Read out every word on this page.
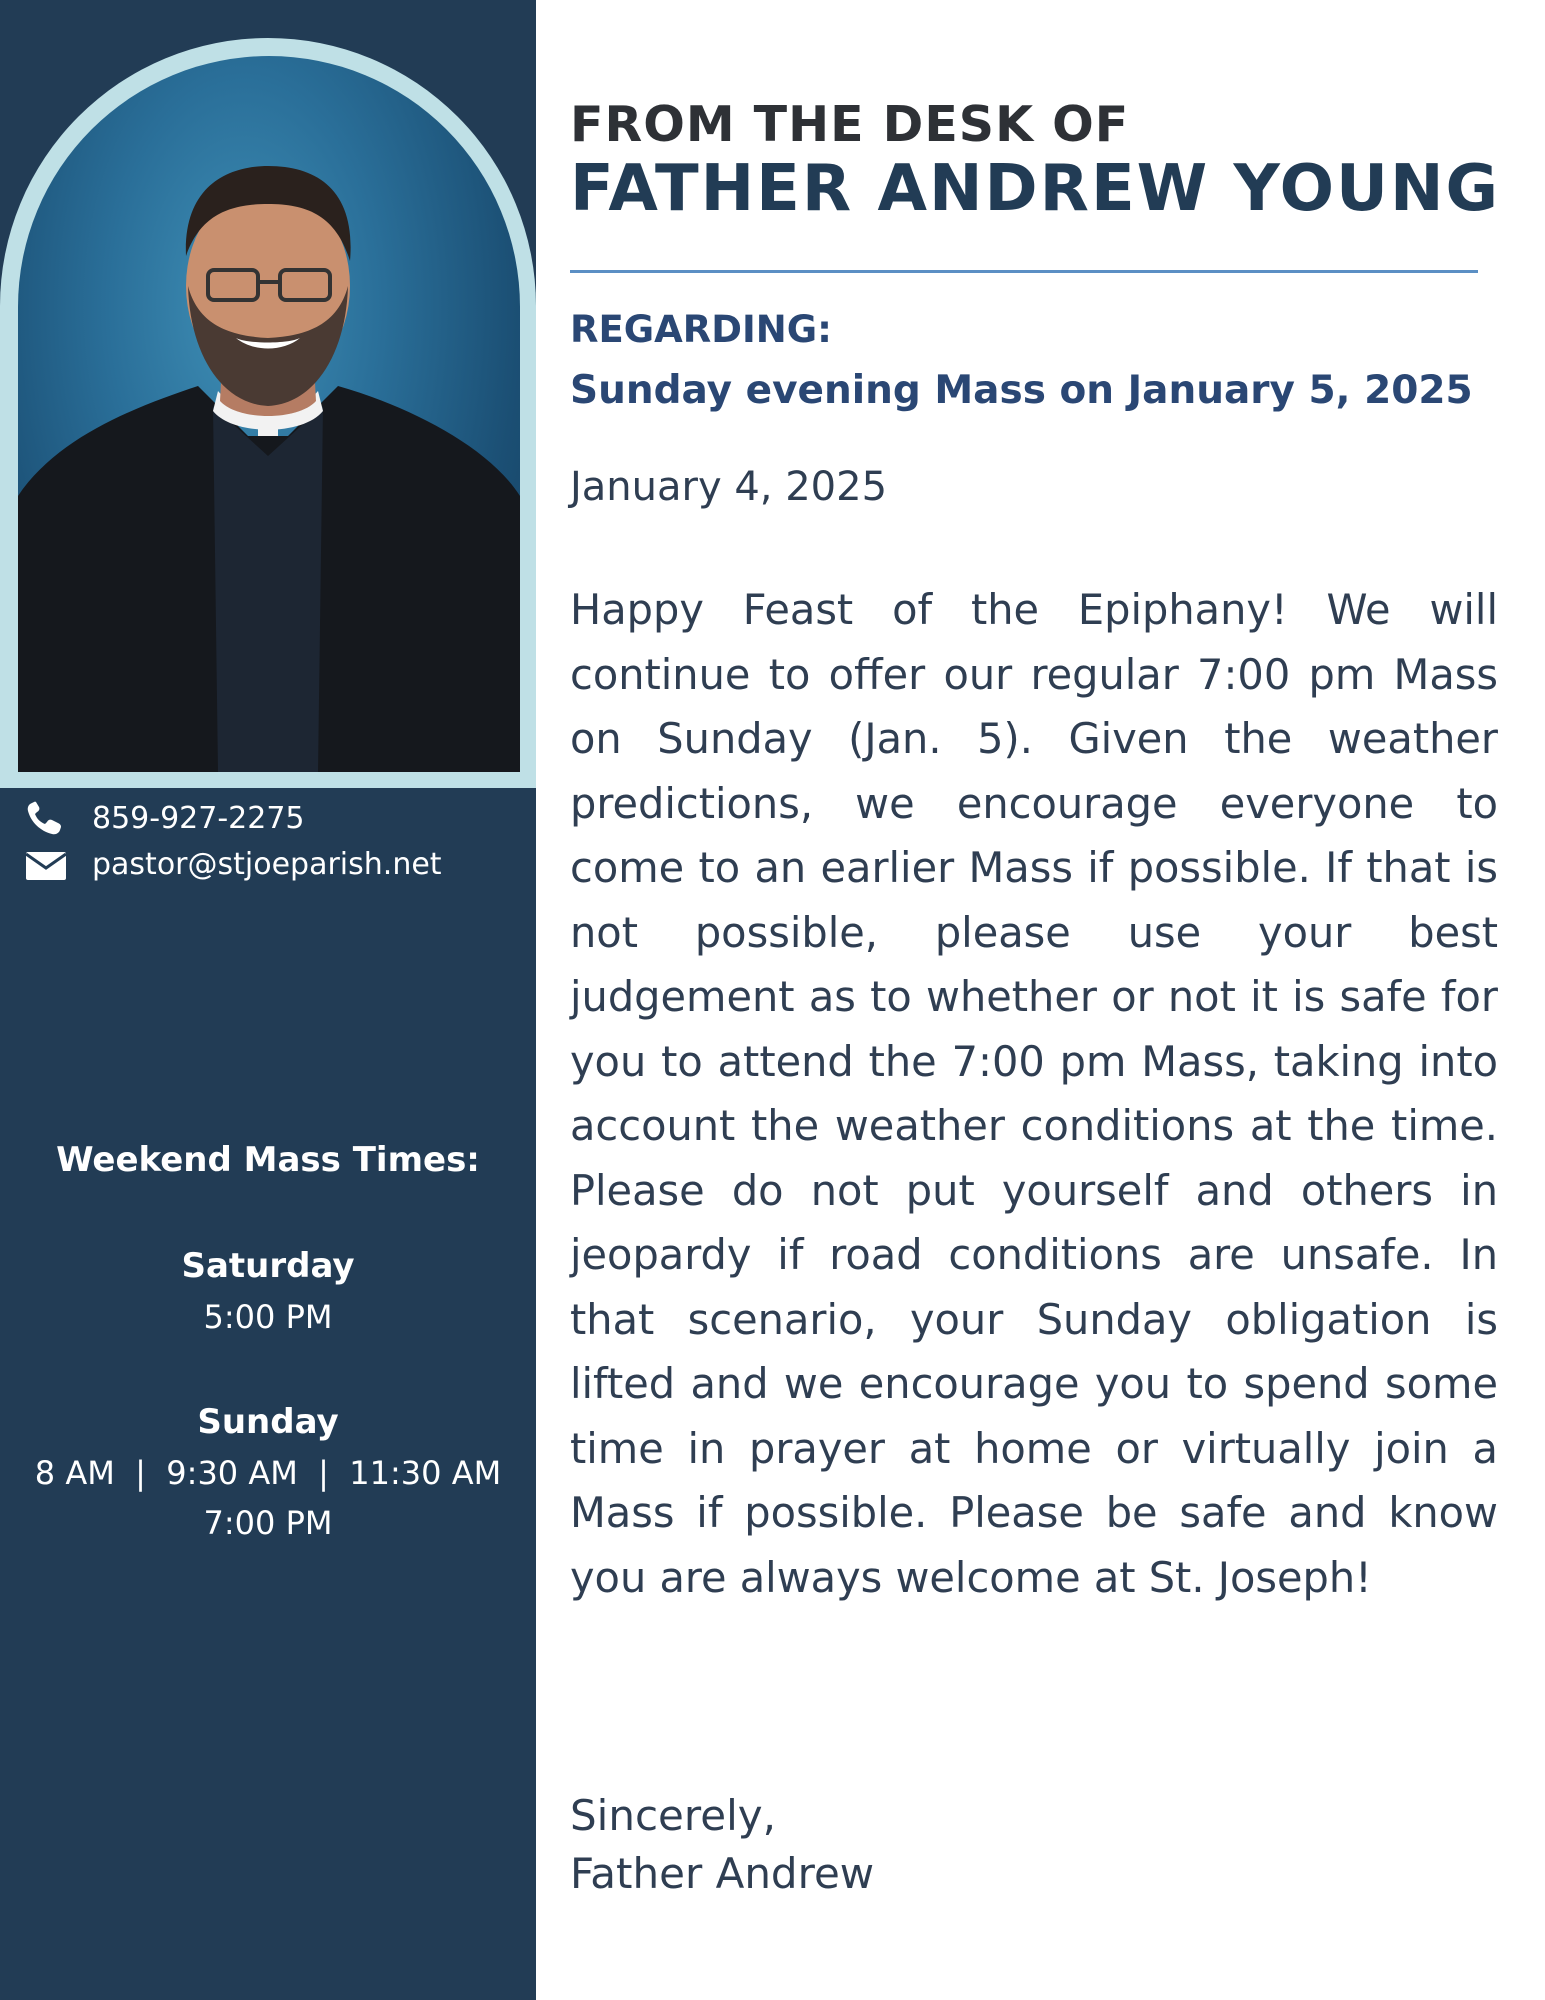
859-927-2275
pastor@stjoeparish.net
Weekend Mass Times:
Saturday
5:00 PM
Sunday
8 AM  |  9:30 AM  |  11:30 AM
7:00 PM
FROM THE DESK OF
FATHER ANDREW YOUNG
REGARDING:
Sunday evening Mass on January 5, 2025
January 4, 2025
Happy Feast of the Epiphany! We will continue to offer our regular 7:00 pm Mass on Sunday (Jan. 5). Given the weather predictions, we encourage everyone to come to an earlier Mass if possible. If that is not possible, please use your best judgement as to whether or not it is safe for you to attend the 7:00 pm Mass, taking into account the weather conditions at the time. Please do not put yourself and others in jeopardy if road conditions are unsafe. In that scenario, your Sunday obligation is lifted and we encourage you to spend some time in prayer at home or virtually join a Mass if possible. Please be safe and know you are always welcome at St. Joseph!
Sincerely,
Father Andrew
